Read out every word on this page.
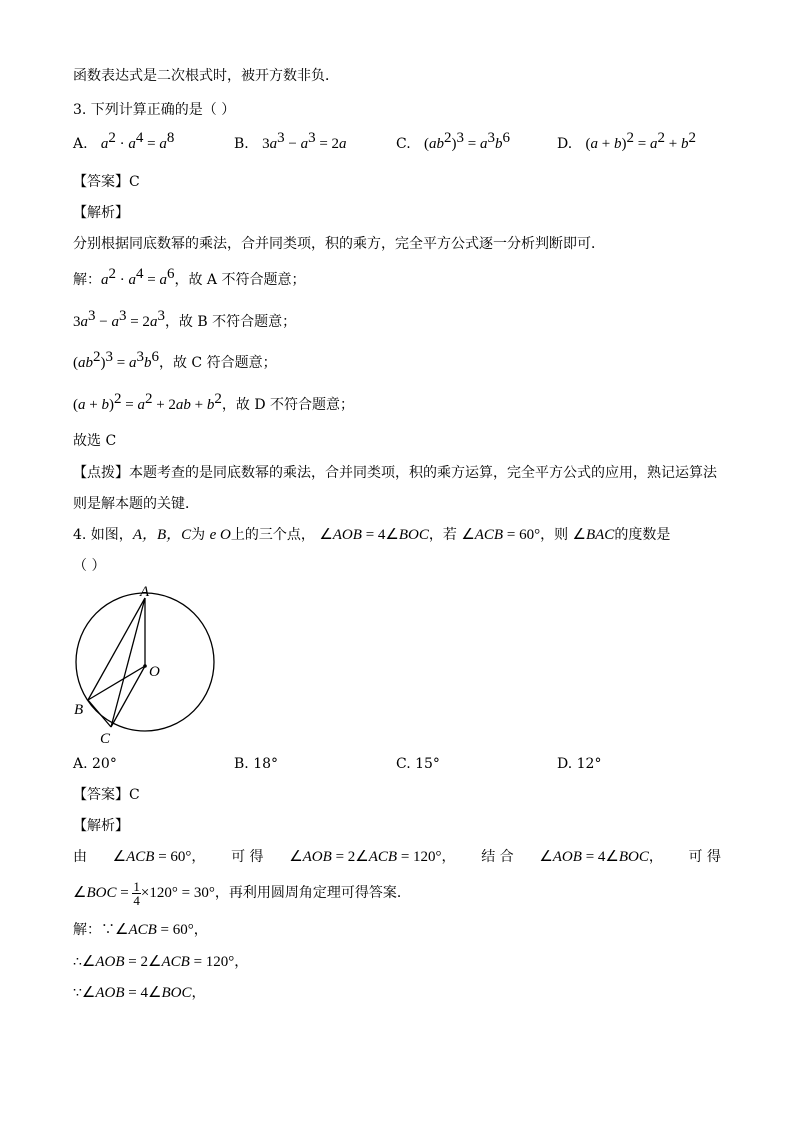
函数表达式是二次根式时，被开方数非负．
3. 下列计算正确的是（ ）
A. $a^2 \cdot a^4 = a^8$	B. $3a^3 - a^3 = 2a$	C. $(ab^2)^3 = a^3b^6$	D. $(a + b)^2 = a^2 + b^2$
【答案】C
【解析】
分别根据同底数幂的乘法，合并同类项，积的乘方，完全平方公式逐一分析判断即可．
解：$a^2 \cdot a^4 = a^6$，故 A 不符合题意；
$3a^3 - a^3 = 2a^3$，故 B 不符合题意；
$(ab^2)^3 = a^3b^6$，故 C 符合题意；
$(a + b)^2 = a^2 + 2ab + b^2$，故 D 不符合题意；
故选 C
【点拨】本题考查的是同底数幂的乘法，合并同类项，积的乘方运算，完全平方公式的应用，熟记运算法
则是解本题的关键．
4. 如图，A，B，C为 e O上的三个点， ∠AOB = 4∠BOC，若 ∠ACB = 60°，则 ∠BAC的度数是
（ ）
A
O
B
C
A. 20°	B. 18°	C. 15°	D. 12°
【答案】C
【解析】
由 ∠ACB = 60°， 可 得 ∠AOB = 2∠ACB = 120°， 结 合 ∠AOB = 4∠BOC， 可 得
∠BOC = $\frac{1}{4} \times 120^\circ = 30^\circ$，再利用圆周角定理可得答案．
解：∵∠ACB = 60°，
∴∠AOB = 2∠ACB = 120°，
∵∠AOB = 4∠BOC，
